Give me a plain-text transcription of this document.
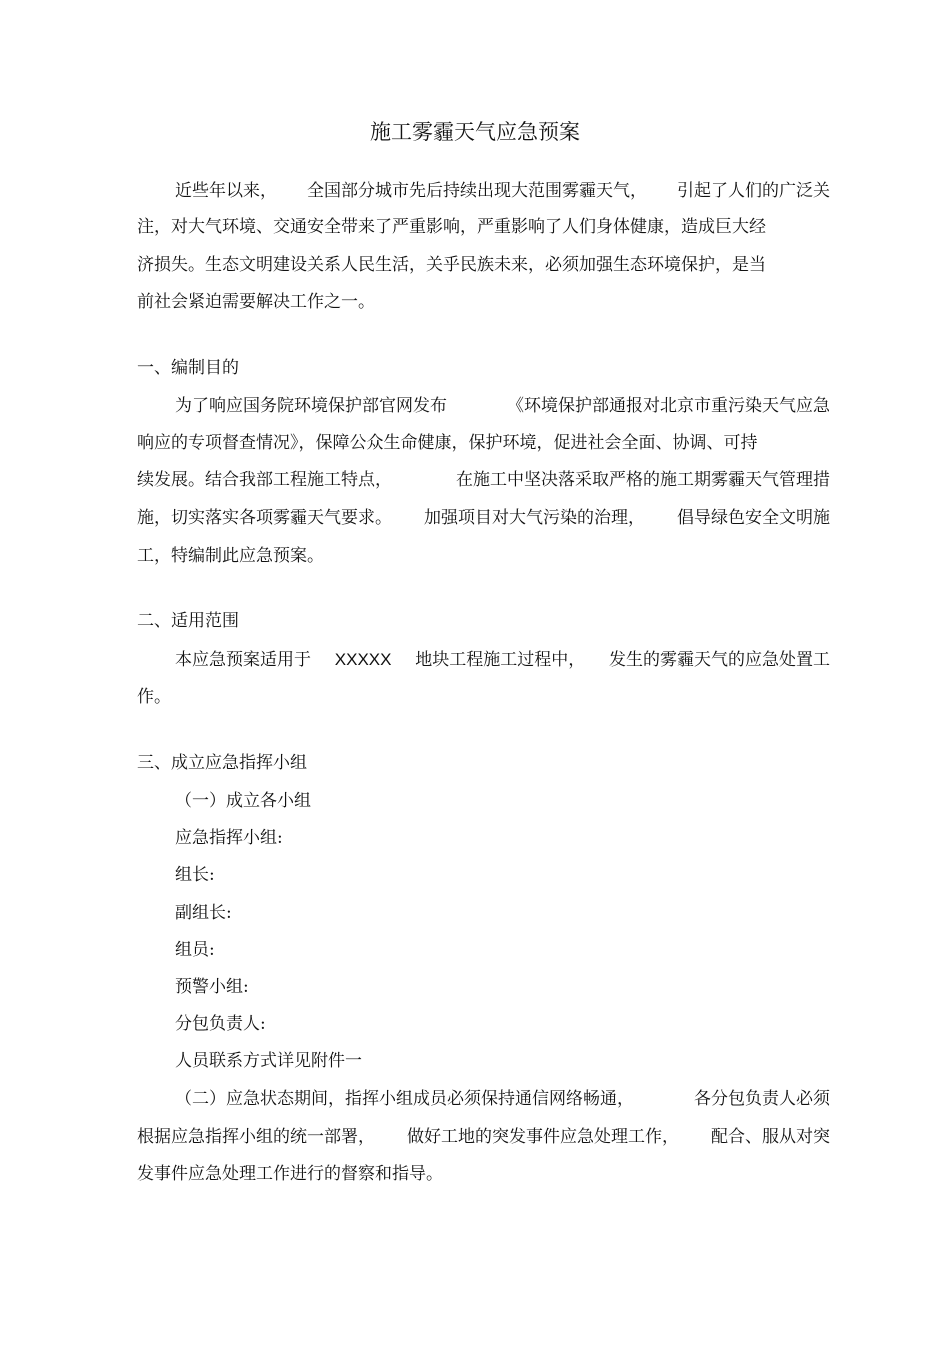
施工雾霾天气应急预案
近些年以来， 全国部分城市先后持续出现大范围雾霾天气， 引起了人们的广泛关

注，对大气环境、交通安全带来了严重影响，严重影响了人们身体健康，造成巨大经

济损失。生态文明建设关系人民生活，关乎民族未来，必须加强生态环境保护，是当

前社会紧迫需要解决工作之一。

一、编制目的

为了响应国务院环境保护部官网发布	《环境保护部通报对北京市重污染天气应急

响应的专项督查情况》，保障公众生命健康，保护环境，促进社会全面、协调、可持

续发展。结合我部工程施工特点，	在施工中坚决落采取严格的施工期雾霾天气管理措
施，切实落实各项雾霾天气要求。 加强项目对大气污染的治理， 倡导绿色安全文明施

工，特编制此应急预案。

二、适用范围

本应急预案适用于 XXXXX 地块工程施工过程中， 发生的雾霾天气的应急处置工

作。

三、成立应急指挥小组

（一）成立各小组

应急指挥小组:

组长:

副组长:

组员:

预警小组:

分包负责人:

人员联系方式详见附件一

（二）应急状态期间，指挥小组成员必须保持通信网络畅通，	各分包负责人必须
根据应急指挥小组的统一部署， 做好工地的突发事件应急处理工作， 配合、服从对突

发事件应急处理工作进行的督察和指导。
